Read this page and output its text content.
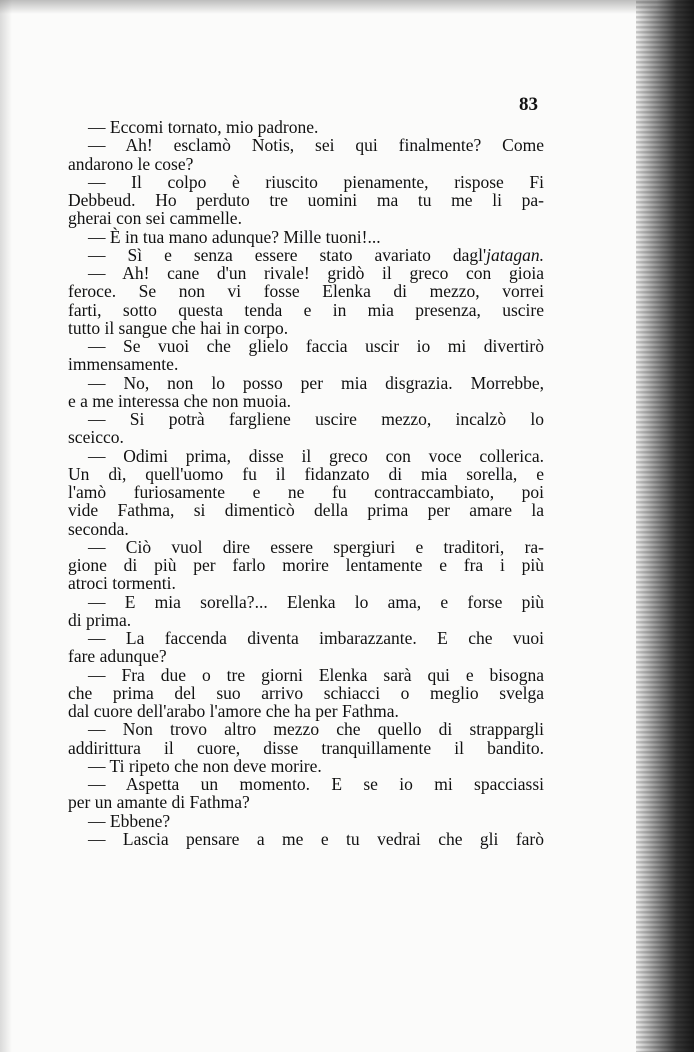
83
— Eccomi tornato, mio padrone.
— Ah! esclamò Notis, sei qui finalmente? Come
andarono le cose?
— Il colpo è riuscito pienamente, rispose Fi
Debbeud. Ho perduto tre uomini ma tu me li pa-
gherai con sei cammelle.
— È in tua mano adunque? Mille tuoni!...
— Sì e senza essere stato avariato dagl'jatagan.
— Ah! cane d'un rivale! gridò il greco con gioia
feroce. Se non vi fosse Elenka di mezzo, vorrei
farti, sotto questa tenda e in mia presenza, uscire
tutto il sangue che hai in corpo.
— Se vuoi che glielo faccia uscir io mi divertirò
immensamente.
— No, non lo posso per mia disgrazia. Morrebbe,
e a me interessa che non muoia.
— Si potrà fargliene uscire mezzo, incalzò lo
sceicco.
— Odimi prima, disse il greco con voce collerica.
Un dì, quell'uomo fu il fidanzato di mia sorella, e
l'amò furiosamente e ne fu contraccambiato, poi
vide Fathma, si dimenticò della prima per amare la
seconda.
— Ciò vuol dire essere spergiuri e traditori, ra-
gione di più per farlo morire lentamente e fra i più
atroci tormenti.
— E mia sorella?... Elenka lo ama, e forse più
di prima.
— La faccenda diventa imbarazzante. E che vuoi
fare adunque?
— Fra due o tre giorni Elenka sarà qui e bisogna
che prima del suo arrivo schiacci o meglio svelga
dal cuore dell'arabo l'amore che ha per Fathma.
— Non trovo altro mezzo che quello di strappargli
addirittura il cuore, disse tranquillamente il bandito.
— Ti ripeto che non deve morire.
— Aspetta un momento. E se io mi spacciassi
per un amante di Fathma?
— Ebbene?
— Lascia pensare a me e tu vedrai che gli farò
